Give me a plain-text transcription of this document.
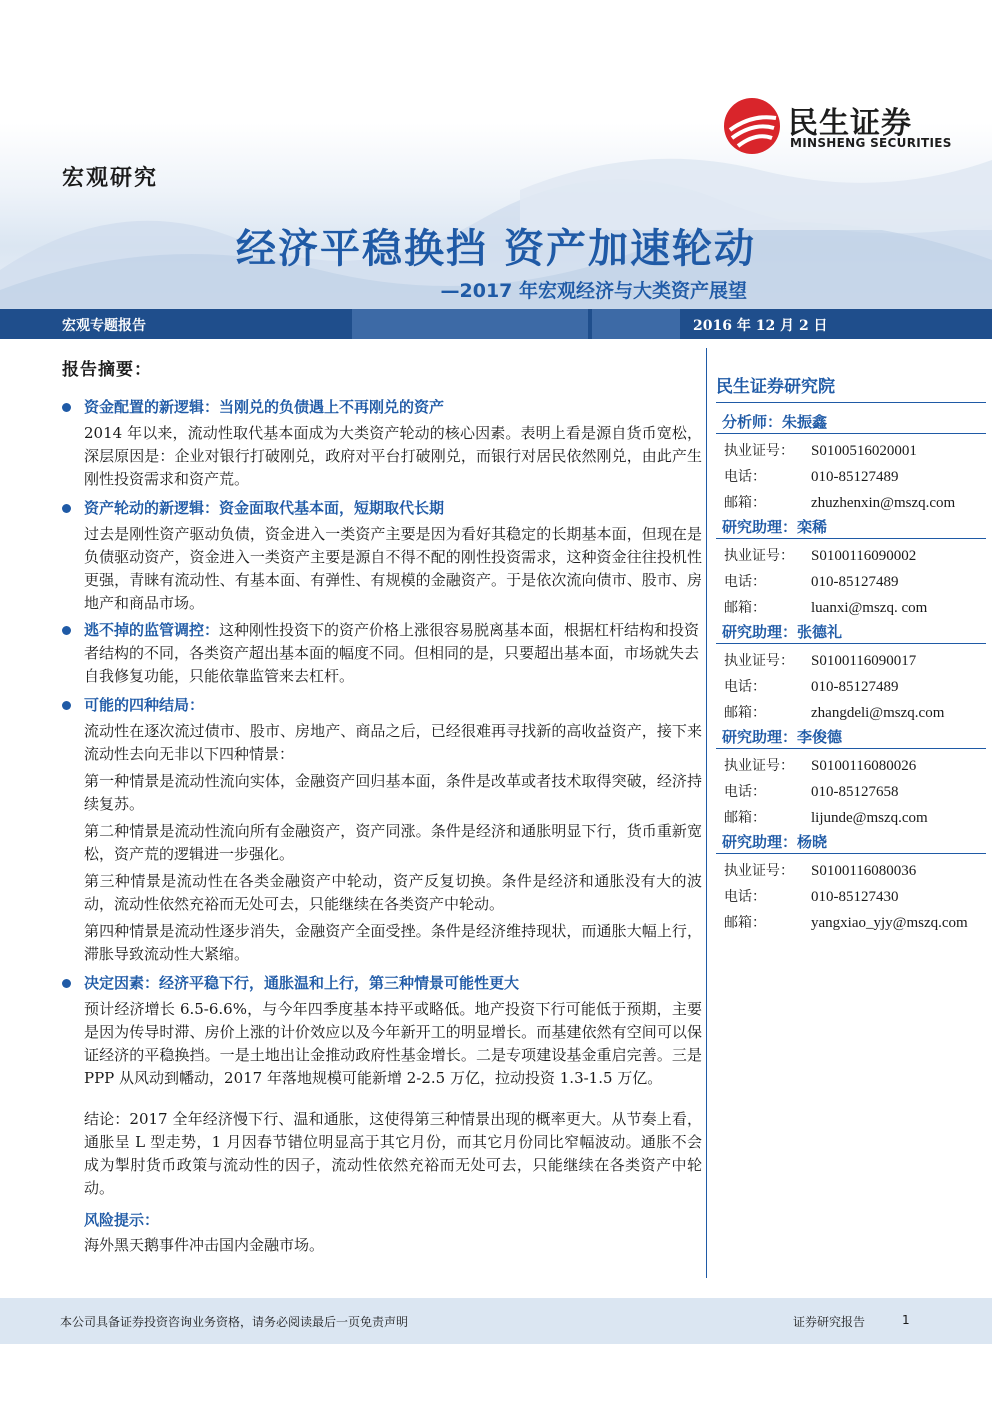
民生证券
MINSHENG SECURITIES
宏观研究
经济平稳换挡 资产加速轮动
—2017 年宏观经济与大类资产展望
宏观专题报告	2016 年 12 月 2 日
报告摘要：
资金配置的新逻辑：当刚兑的负债遇上不再刚兑的资产
2014 年以来，流动性取代基本面成为大类资产轮动的核心因素。表明上看是源自货币宽松，深层原因是：企业对银行打破刚兑，政府对平台打破刚兑，而银行对居民依然刚兑，由此产生刚性投资需求和资产荒。
资产轮动的新逻辑：资金面取代基本面，短期取代长期
过去是刚性资产驱动负债，资金进入一类资产主要是因为看好其稳定的长期基本面，但现在是负债驱动资产，资金进入一类资产主要是源自不得不配的刚性投资需求，这种资金往往投机性更强，青睐有流动性、有基本面、有弹性、有规模的金融资产。于是依次流向债市、股市、房地产和商品市场。
逃不掉的监管调控：这种刚性投资下的资产价格上涨很容易脱离基本面，根据杠杆结构和投资者结构的不同，各类资产超出基本面的幅度不同。但相同的是，只要超出基本面，市场就失去自我修复功能，只能依靠监管来去杠杆。
可能的四种结局：
流动性在逐次流过债市、股市、房地产、商品之后，已经很难再寻找新的高收益资产，接下来流动性去向无非以下四种情景：
第一种情景是流动性流向实体，金融资产回归基本面，条件是改革或者技术取得突破，经济持续复苏。
第二种情景是流动性流向所有金融资产，资产同涨。条件是经济和通胀明显下行，货币重新宽松，资产荒的逻辑进一步强化。
第三种情景是流动性在各类金融资产中轮动，资产反复切换。条件是经济和通胀没有大的波动，流动性依然充裕而无处可去，只能继续在各类资产中轮动。
第四种情景是流动性逐步消失，金融资产全面受挫。条件是经济维持现状，而通胀大幅上行，滞胀导致流动性大紧缩。
决定因素：经济平稳下行，通胀温和上行，第三种情景可能性更大
预计经济增长 6.5-6.6%，与今年四季度基本持平或略低。地产投资下行可能低于预期，主要是因为传导时滞、房价上涨的计价效应以及今年新开工的明显增长。而基建依然有空间可以保证经济的平稳换挡。一是土地出让金推动政府性基金增长。二是专项建设基金重启完善。三是 PPP 从风动到幡动，2017 年落地规模可能新增 2-2.5 万亿，拉动投资 1.3-1.5 万亿。
结论：2017 全年经济慢下行、温和通胀，这使得第三种情景出现的概率更大。从节奏上看，通胀呈 L 型走势，1 月因春节错位明显高于其它月份，而其它月份同比窄幅波动。通胀不会成为掣肘货币政策与流动性的因子，流动性依然充裕而无处可去，只能继续在各类资产中轮动。
风险提示：
海外黑天鹅事件冲击国内金融市场。
民生证券研究院
分析师：朱振鑫
执业证号： S0100516020001
电话：	010-85127489
邮箱：	zhuzhenxin@mszq.com
研究助理：栾稀
执业证号： S0100116090002
电话：	010-85127489
邮箱：	luanxi@mszq. com
研究助理：张德礼
执业证号： S0100116090017
电话：	010-85127489
邮箱：	zhangdeli@mszq.com
研究助理：李俊德
执业证号： S0100116080026
电话：	010-85127658
邮箱：	lijunde@mszq.com
研究助理：杨晓
执业证号： S0100116080036
电话：	010-85127430
邮箱：	yangxiao_yjy@mszq.com
本公司具备证券投资咨询业务资格，请务必阅读最后一页免责声明	证券研究报告	1
